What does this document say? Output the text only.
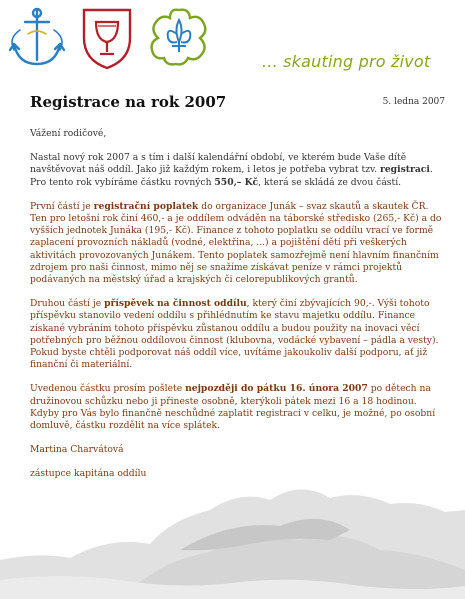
... skauting pro život
Registrace na rok 2007	5. ledna 2007

Vážení rodičové,

Nastal nový rok 2007 a s tím i další kalendářní období, ve kterém bude Vaše dítě navštěvovat náš oddíl. Jako již každým rokem, i letos je potřeba vybrat tzv. registraci. Pro tento rok vybíráme částku rovných 550,– Kč, která se skládá ze dvou částí.

První částí je registrační poplatek do organizace Junák – svaz skautů a skautek ČR. Ten pro letošní rok činí 460,- a je oddílem odváděn na táborské středisko (265,- Kč) a do vyšších jednotek Junáka (195,- Kč). Finance z tohoto poplatku se oddílu vrací ve formě zaplacení provozních nákladů (vodné, elektřina, ...) a pojištění dětí při veškerých aktivitách provozovaných Junákem. Tento poplatek samozřejmě není hlavním finančním zdrojem pro naši činnost, mimo něj se snažíme získávat peníze v rámci projektů podávaných na městský úřad a krajských či celorepublikových grantů.

Druhou částí je příspěvek na činnost oddílu, který činí zbývajících 90,-. Výši tohoto příspěvku stanovilo vedení oddílu s přihlédnutím ke stavu majetku oddílu. Finance získané vybráním tohoto příspěvku zůstanou oddílu a budou použity na inovaci věcí potřebných pro běžnou oddílovou činnost (klubovna, vodácké vybavení – pádla a vesty). Pokud byste chtěli podporovat náš oddíl více, uvítáme jakoukoliv další podporu, ať již finanční či materiální.

Uvedenou částku prosím pošlete nejpozději do pátku 16. února 2007 po dětech na družinovou schůzku nebo ji přineste osobně, kterýkoli pátek mezi 16 a 18 hodinou. Kdyby pro Vás bylo finančně neschůdné zaplatit registraci v celku, je možné, po osobní domluvě, částku rozdělit na více splátek.

Martina Charvátová

zástupce kapitána oddílu
